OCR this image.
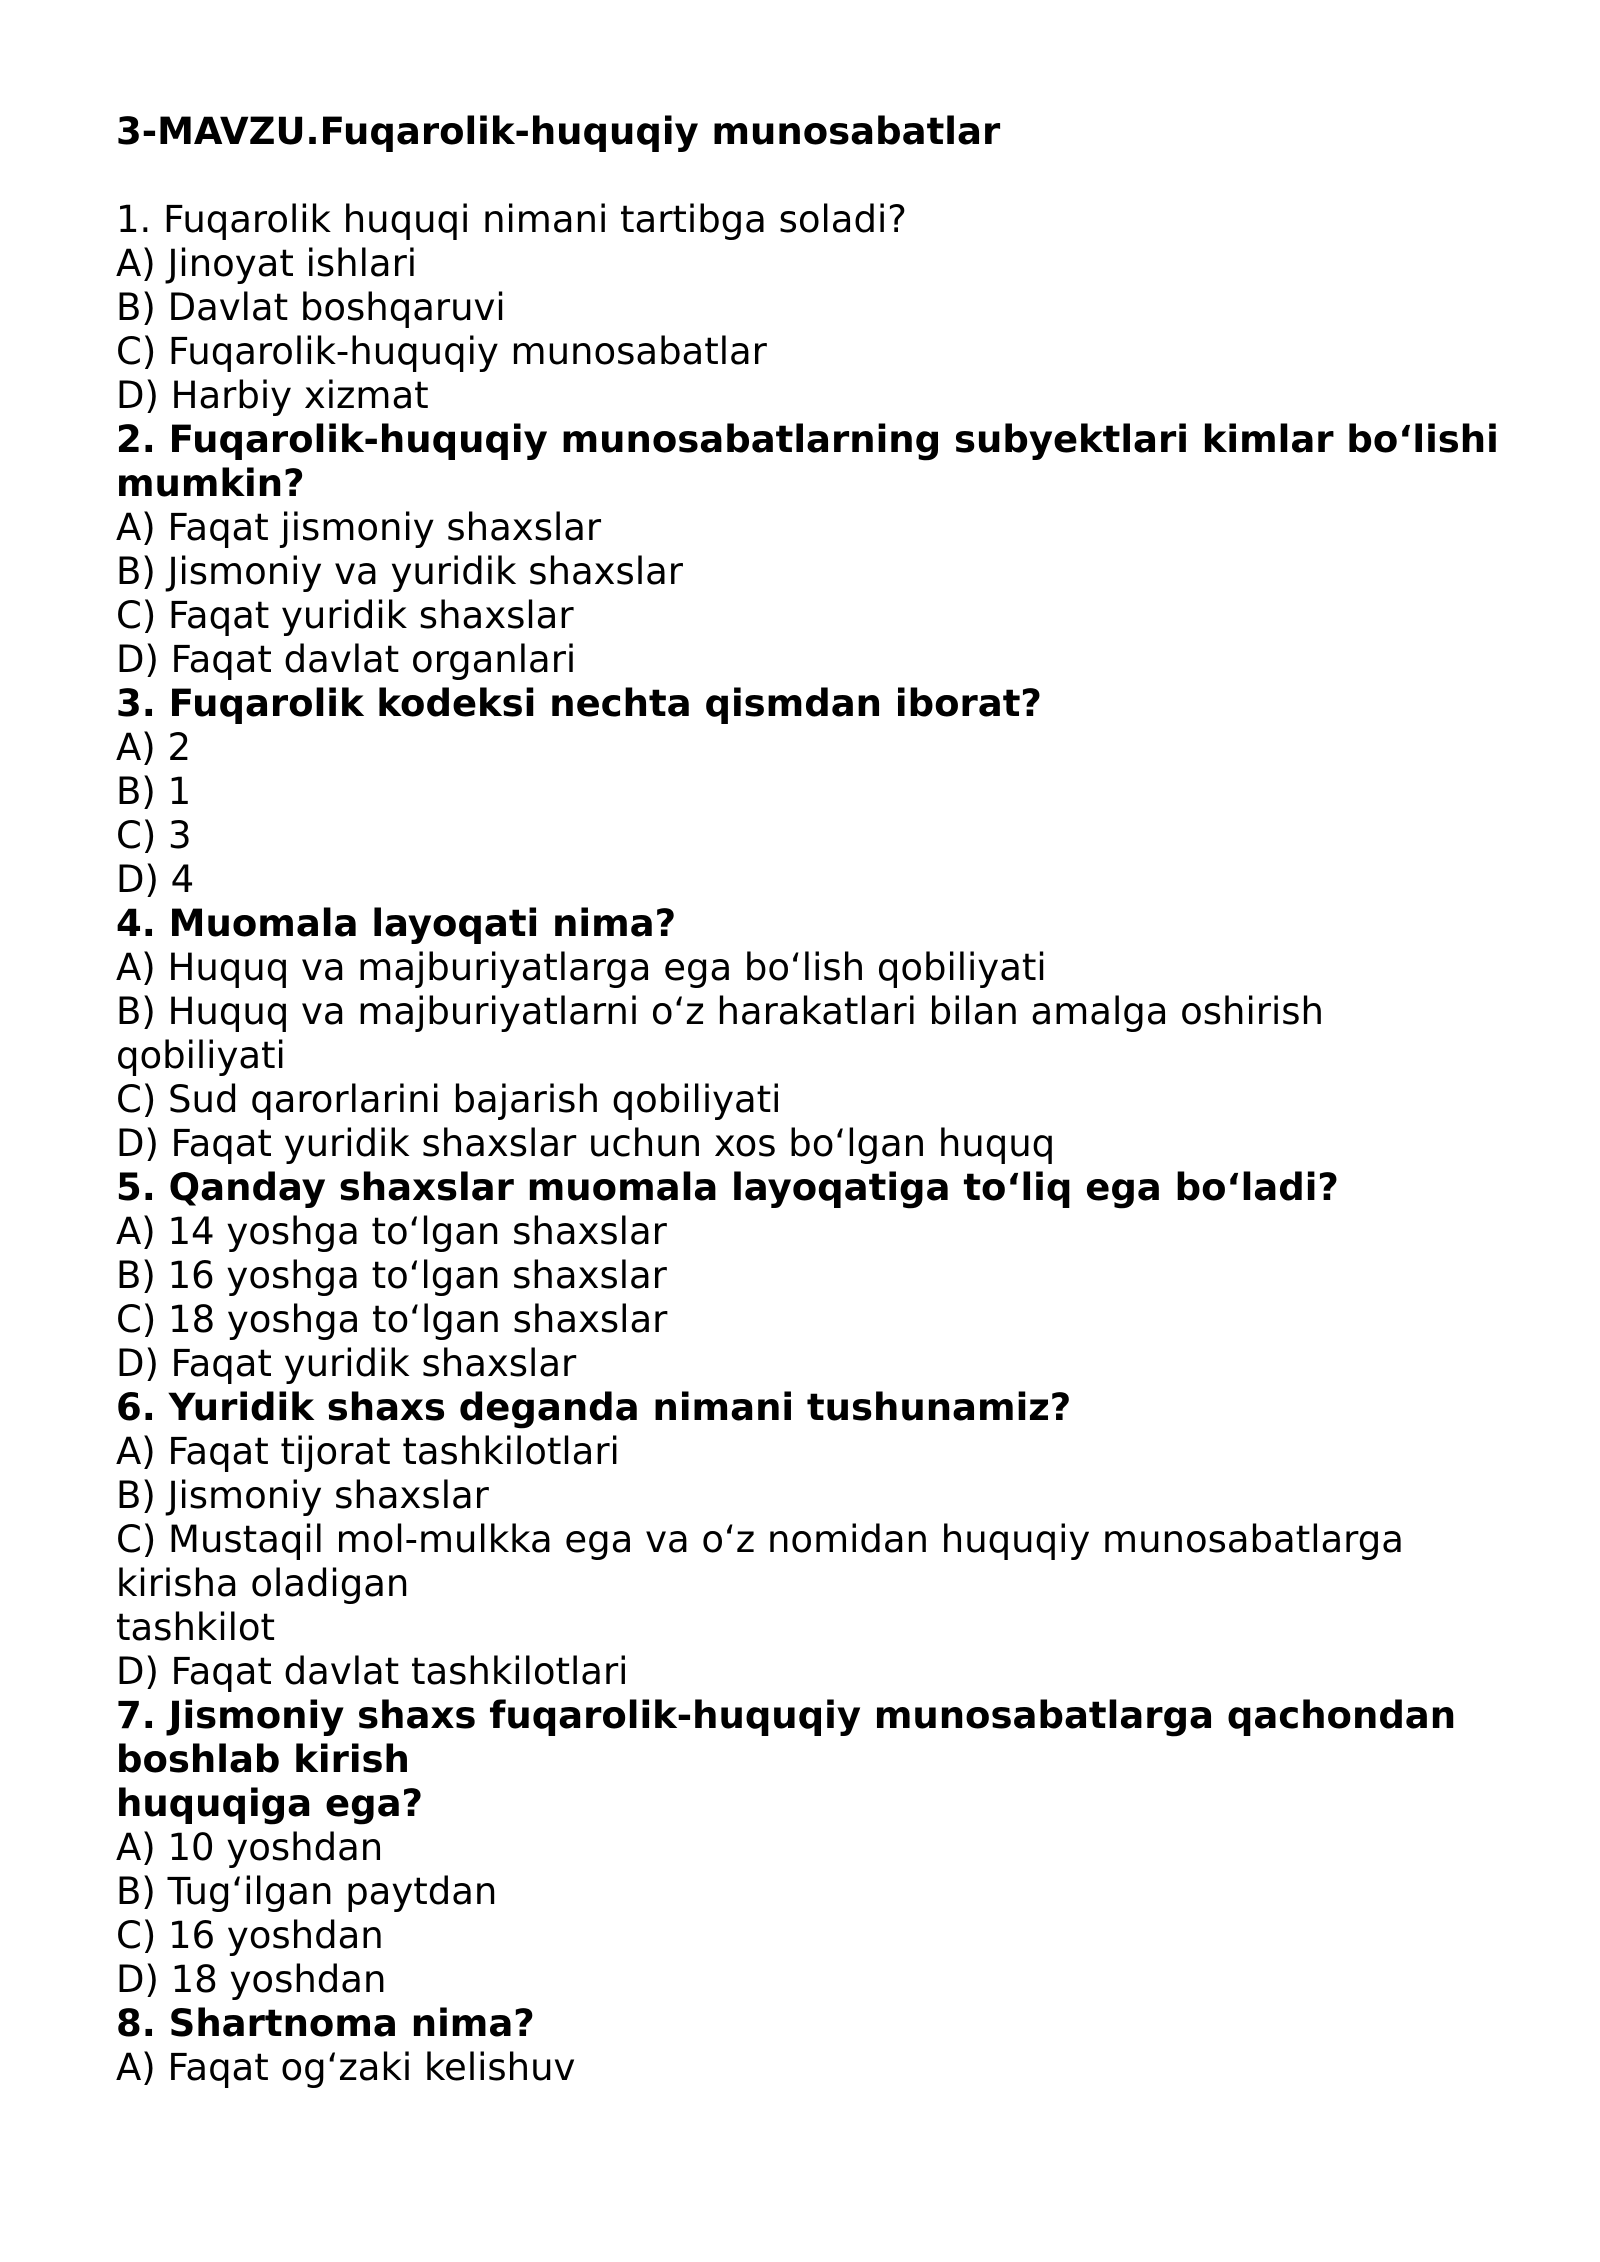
3-MAVZU.Fuqarolik-huquqiy munosabatlar
1. Fuqarolik huquqi nimani tartibga soladi?
A) Jinoyat ishlari
B) Davlat boshqaruvi
C) Fuqarolik-huquqiy munosabatlar
D) Harbiy xizmat
2. Fuqarolik-huquqiy munosabatlarning subyektlari kimlar bo‘lishi
mumkin?
A) Faqat jismoniy shaxslar
B) Jismoniy va yuridik shaxslar
C) Faqat yuridik shaxslar
D) Faqat davlat organlari
3. Fuqarolik kodeksi nechta qismdan iborat?
A) 2
B) 1
C) 3
D) 4
4. Muomala layoqati nima?
A) Huquq va majburiyatlarga ega bo‘lish qobiliyati
B) Huquq va majburiyatlarni o‘z harakatlari bilan amalga oshirish
qobiliyati
C) Sud qarorlarini bajarish qobiliyati
D) Faqat yuridik shaxslar uchun xos bo‘lgan huquq
5. Qanday shaxslar muomala layoqatiga to‘liq ega bo‘ladi?
A) 14 yoshga to‘lgan shaxslar
B) 16 yoshga to‘lgan shaxslar
C) 18 yoshga to‘lgan shaxslar
D) Faqat yuridik shaxslar
6. Yuridik shaxs deganda nimani tushunamiz?
A) Faqat tijorat tashkilotlari
B) Jismoniy shaxslar
C) Mustaqil mol-mulkka ega va o‘z nomidan huquqiy munosabatlarga
kirisha oladigan
tashkilot
D) Faqat davlat tashkilotlari
7. Jismoniy shaxs fuqarolik-huquqiy munosabatlarga qachondan
boshlab kirish
huquqiga ega?
A) 10 yoshdan
B) Tug‘ilgan paytdan
C) 16 yoshdan
D) 18 yoshdan
8. Shartnoma nima?
A) Faqat og‘zaki kelishuv
